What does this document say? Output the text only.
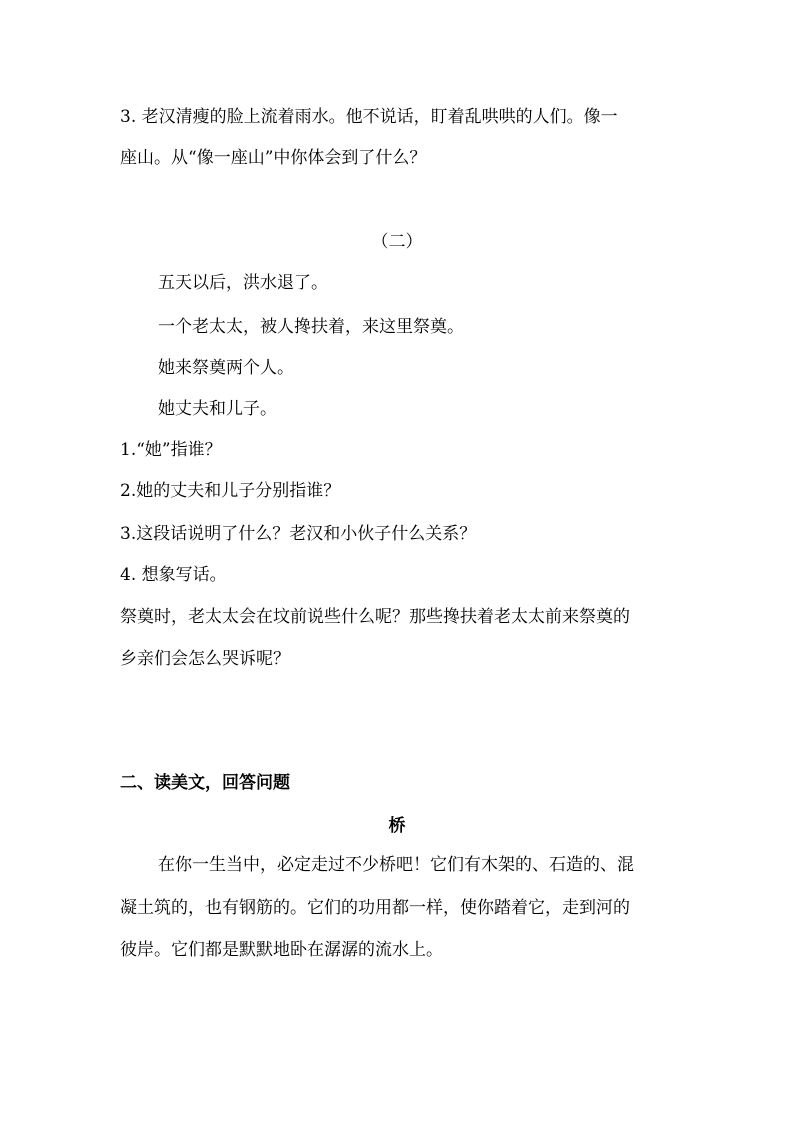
3. 老汉清瘦的脸上流着雨水。他不说话，盯着乱哄哄的人们。像一
座山。从“像一座山”中你体会到了什么？
（二）
五天以后，洪水退了。
一个老太太，被人搀扶着，来这里祭奠。
她来祭奠两个人。
她丈夫和儿子。
1.“她”指谁？
2.她的丈夫和儿子分别指谁？
3.这段话说明了什么？老汉和小伙子什么关系？
4. 想象写话。
祭奠时，老太太会在坟前说些什么呢？那些搀扶着老太太前来祭奠的
乡亲们会怎么哭诉呢？
二、读美文，回答问题
桥
在你一生当中，必定走过不少桥吧！它们有木架的、石造的、混
凝土筑的，也有钢筋的。它们的功用都一样，使你踏着它，走到河的
彼岸。它们都是默默地卧在潺潺的流水上。
